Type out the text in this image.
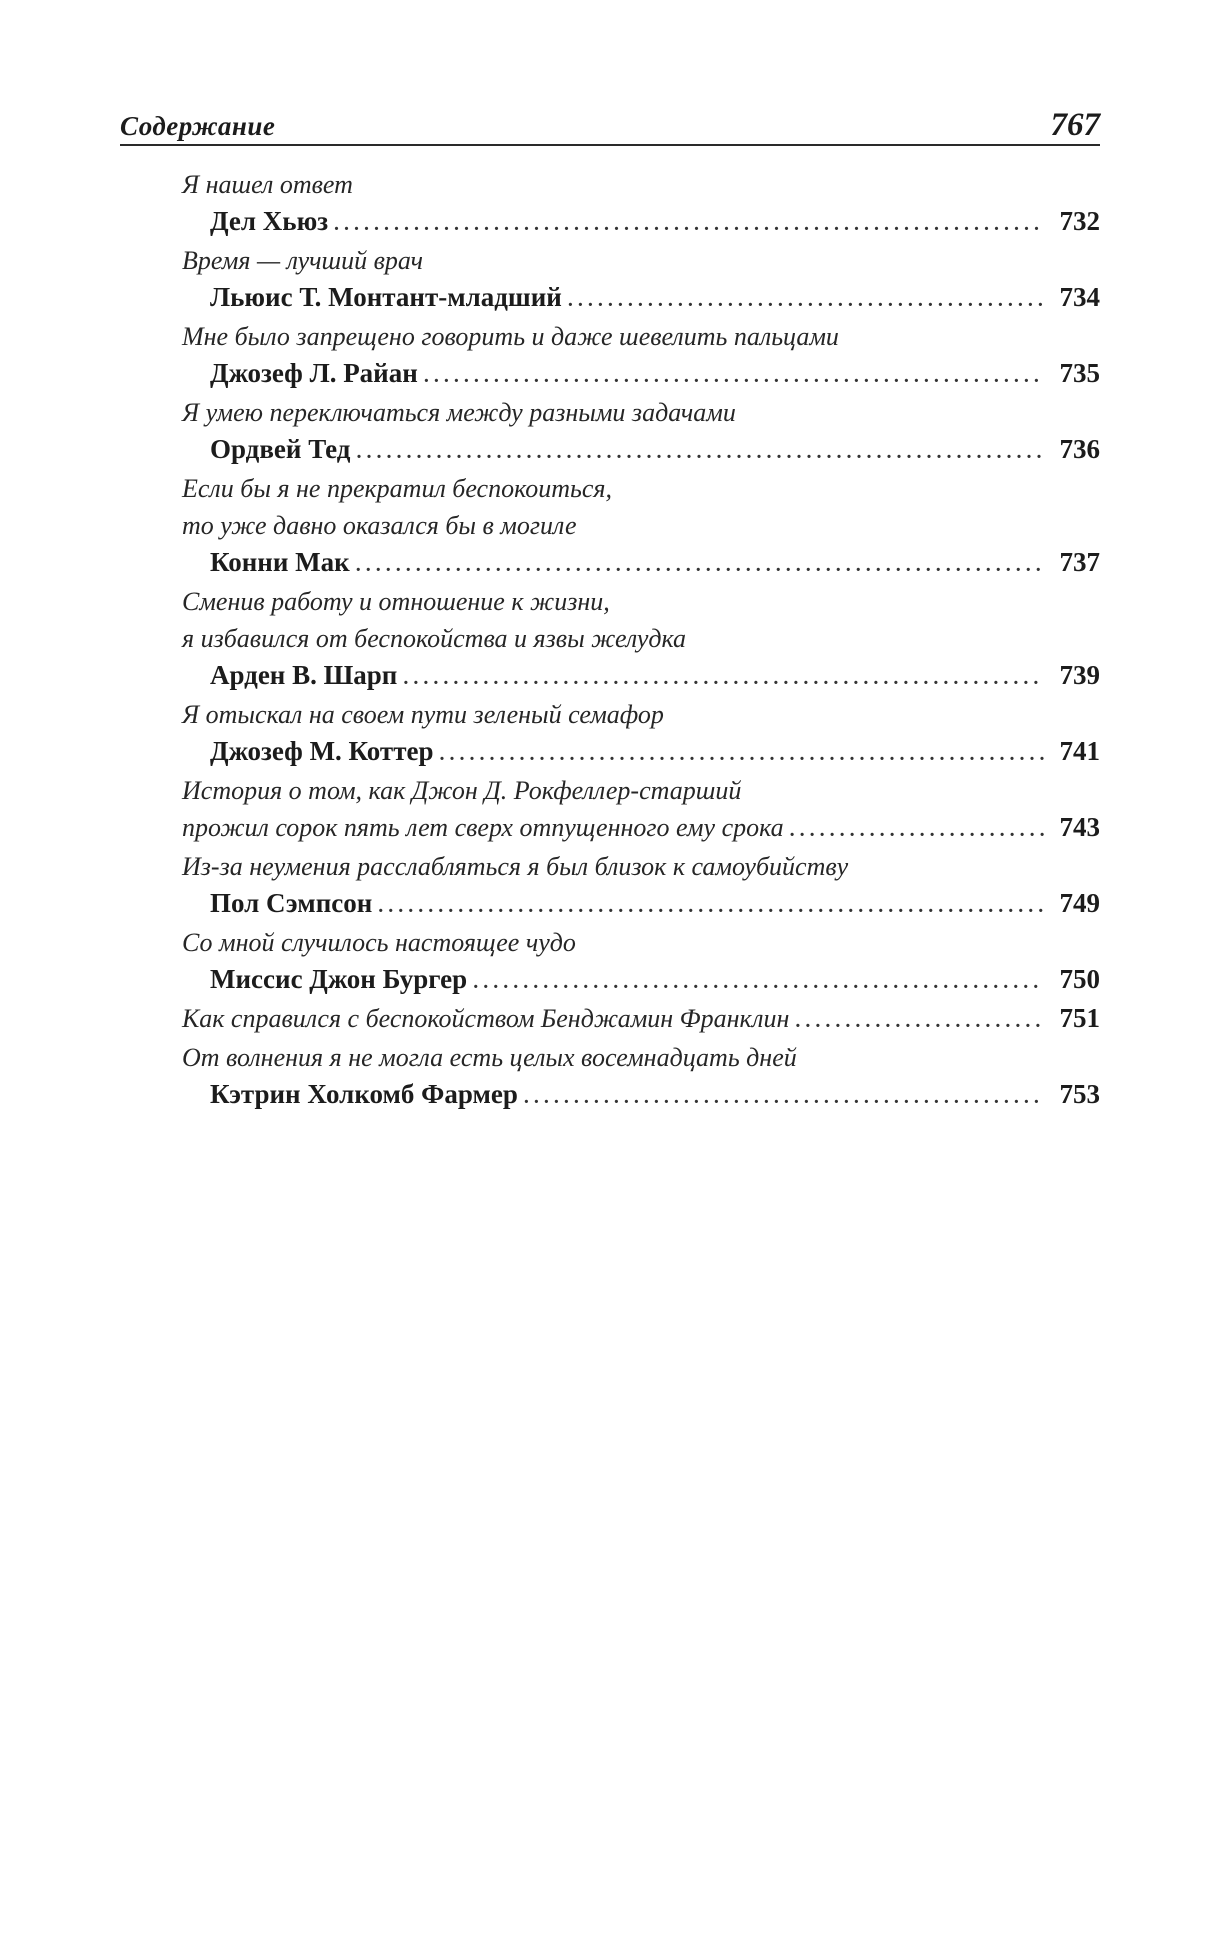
Содержание	767
Я нашел ответ
Дел Хьюз . . .	732
Время — лучший врач
Льюис Т. Монтант-младший . . .	734
Мне было запрещено говорить и даже шевелить пальцами
Джозеф Л. Райан . . .	735
Я умею переключаться между разными задачами
Ордвей Тед . . .	736
Если бы я не прекратил беспокоиться,
то уже давно оказался бы в могиле
Конни Мак . . .	737
Сменив работу и отношение к жизни,
я избавился от беспокойства и язвы желудка
Арден В. Шарп . . .	739
Я отыскал на своем пути зеленый семафор
Джозеф М. Коттер . . .	741
История о том, как Джон Д. Рокфеллер-старший
прожил сорок пять лет сверх отпущенного ему срока . . .	743
Из-за неумения расслабляться я был близок к самоубийству
Пол Сэмпсон . . .	749
Со мной случилось настоящее чудо
Миссис Джон Бургер . . .	750
Как справился с беспокойством Бенджамин Франклин . . .	751
От волнения я не могла есть целых восемнадцать дней
Кэтрин Холкомб Фармер . . .	753
